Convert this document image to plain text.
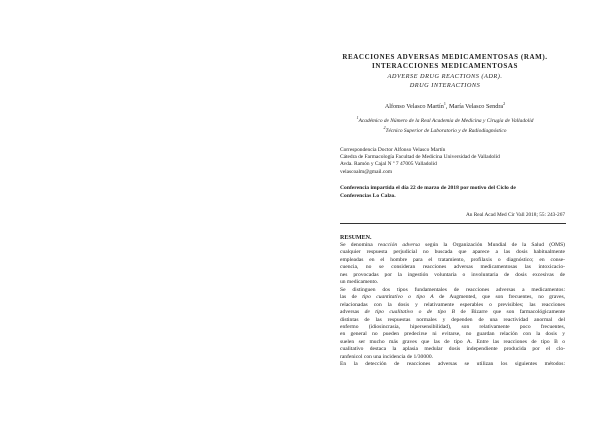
REACCIONES ADVERSAS MEDICAMENTOSAS (RAM).
INTERACCIONES MEDICAMENTOSAS
ADVERSE DRUG REACTIONS (ADR).
DRUG INTERACTIONS
Alfonso Velasco Martín$^1$, María Velasco Sendra$^2$
$^1$Académico de Número de la Real Academia de Medicina y Cirugía de Valladolid
$^2$Técnico Superior de Laboratorio y de Radiodiagnóstico
Correspondencia Doctor Alfonso Velasco Martín
Cátedra de Farmacología Facultad de Medicina Universidad de Valladolid
Avda. Ramón y Cajal N º 7 47005 Valladolid
velascoalm@gmail.com
Conferencia impartida el día 22 de marzo de 2018 por motivo del Ciclo de
Conferencias Lo Calzo.
An Real Acad Med Cir Vall 2018; 55: 243-267
RESUMEN.
Se denomina reacción adversa según la Organización Mundial de la Salud (OMS)
cualquier respuesta perjudicial no buscada que aparece a las dosis habitualmente
empleadas en el hombre para el tratamiento, profilaxis o diagnóstico; en conse-
cuencia, no se consideran reacciones adversas medicamentosas las intoxicacio-
nes provocadas por la ingestión voluntaria o involuntaria de dosis excesivas de
un medicamento.
Se distinguen dos tipos fundamentales de reacciones adversas a medicamentos:
las de tipo cuantitativo o tipo A de Augmented, que son frecuentes, no graves,
relacionadas con la dosis y relativamente esperables o previsibles; las reacciones
adversas de tipo cualitativo o de tipo B de Bizarre que son farmacológicamente
distintas de las respuestas normales y dependen de una reactividad anormal del
enfermo (idiosincrasia, hipersensibilidad), son relativamente poco frecuentes,
en general no pueden predecirse ni evitarse, no guardan relación con la dosis y
suelen ser mucho más graves que las de tipo A. Entre las reacciones de tipo B o
cualitativo destaca la aplasia medular dosis independiente producida por el clo-
ranfenicol con una incidencia de 1/30000.
En la detección de reacciones adversas se utilizan los siguientes métodos:
